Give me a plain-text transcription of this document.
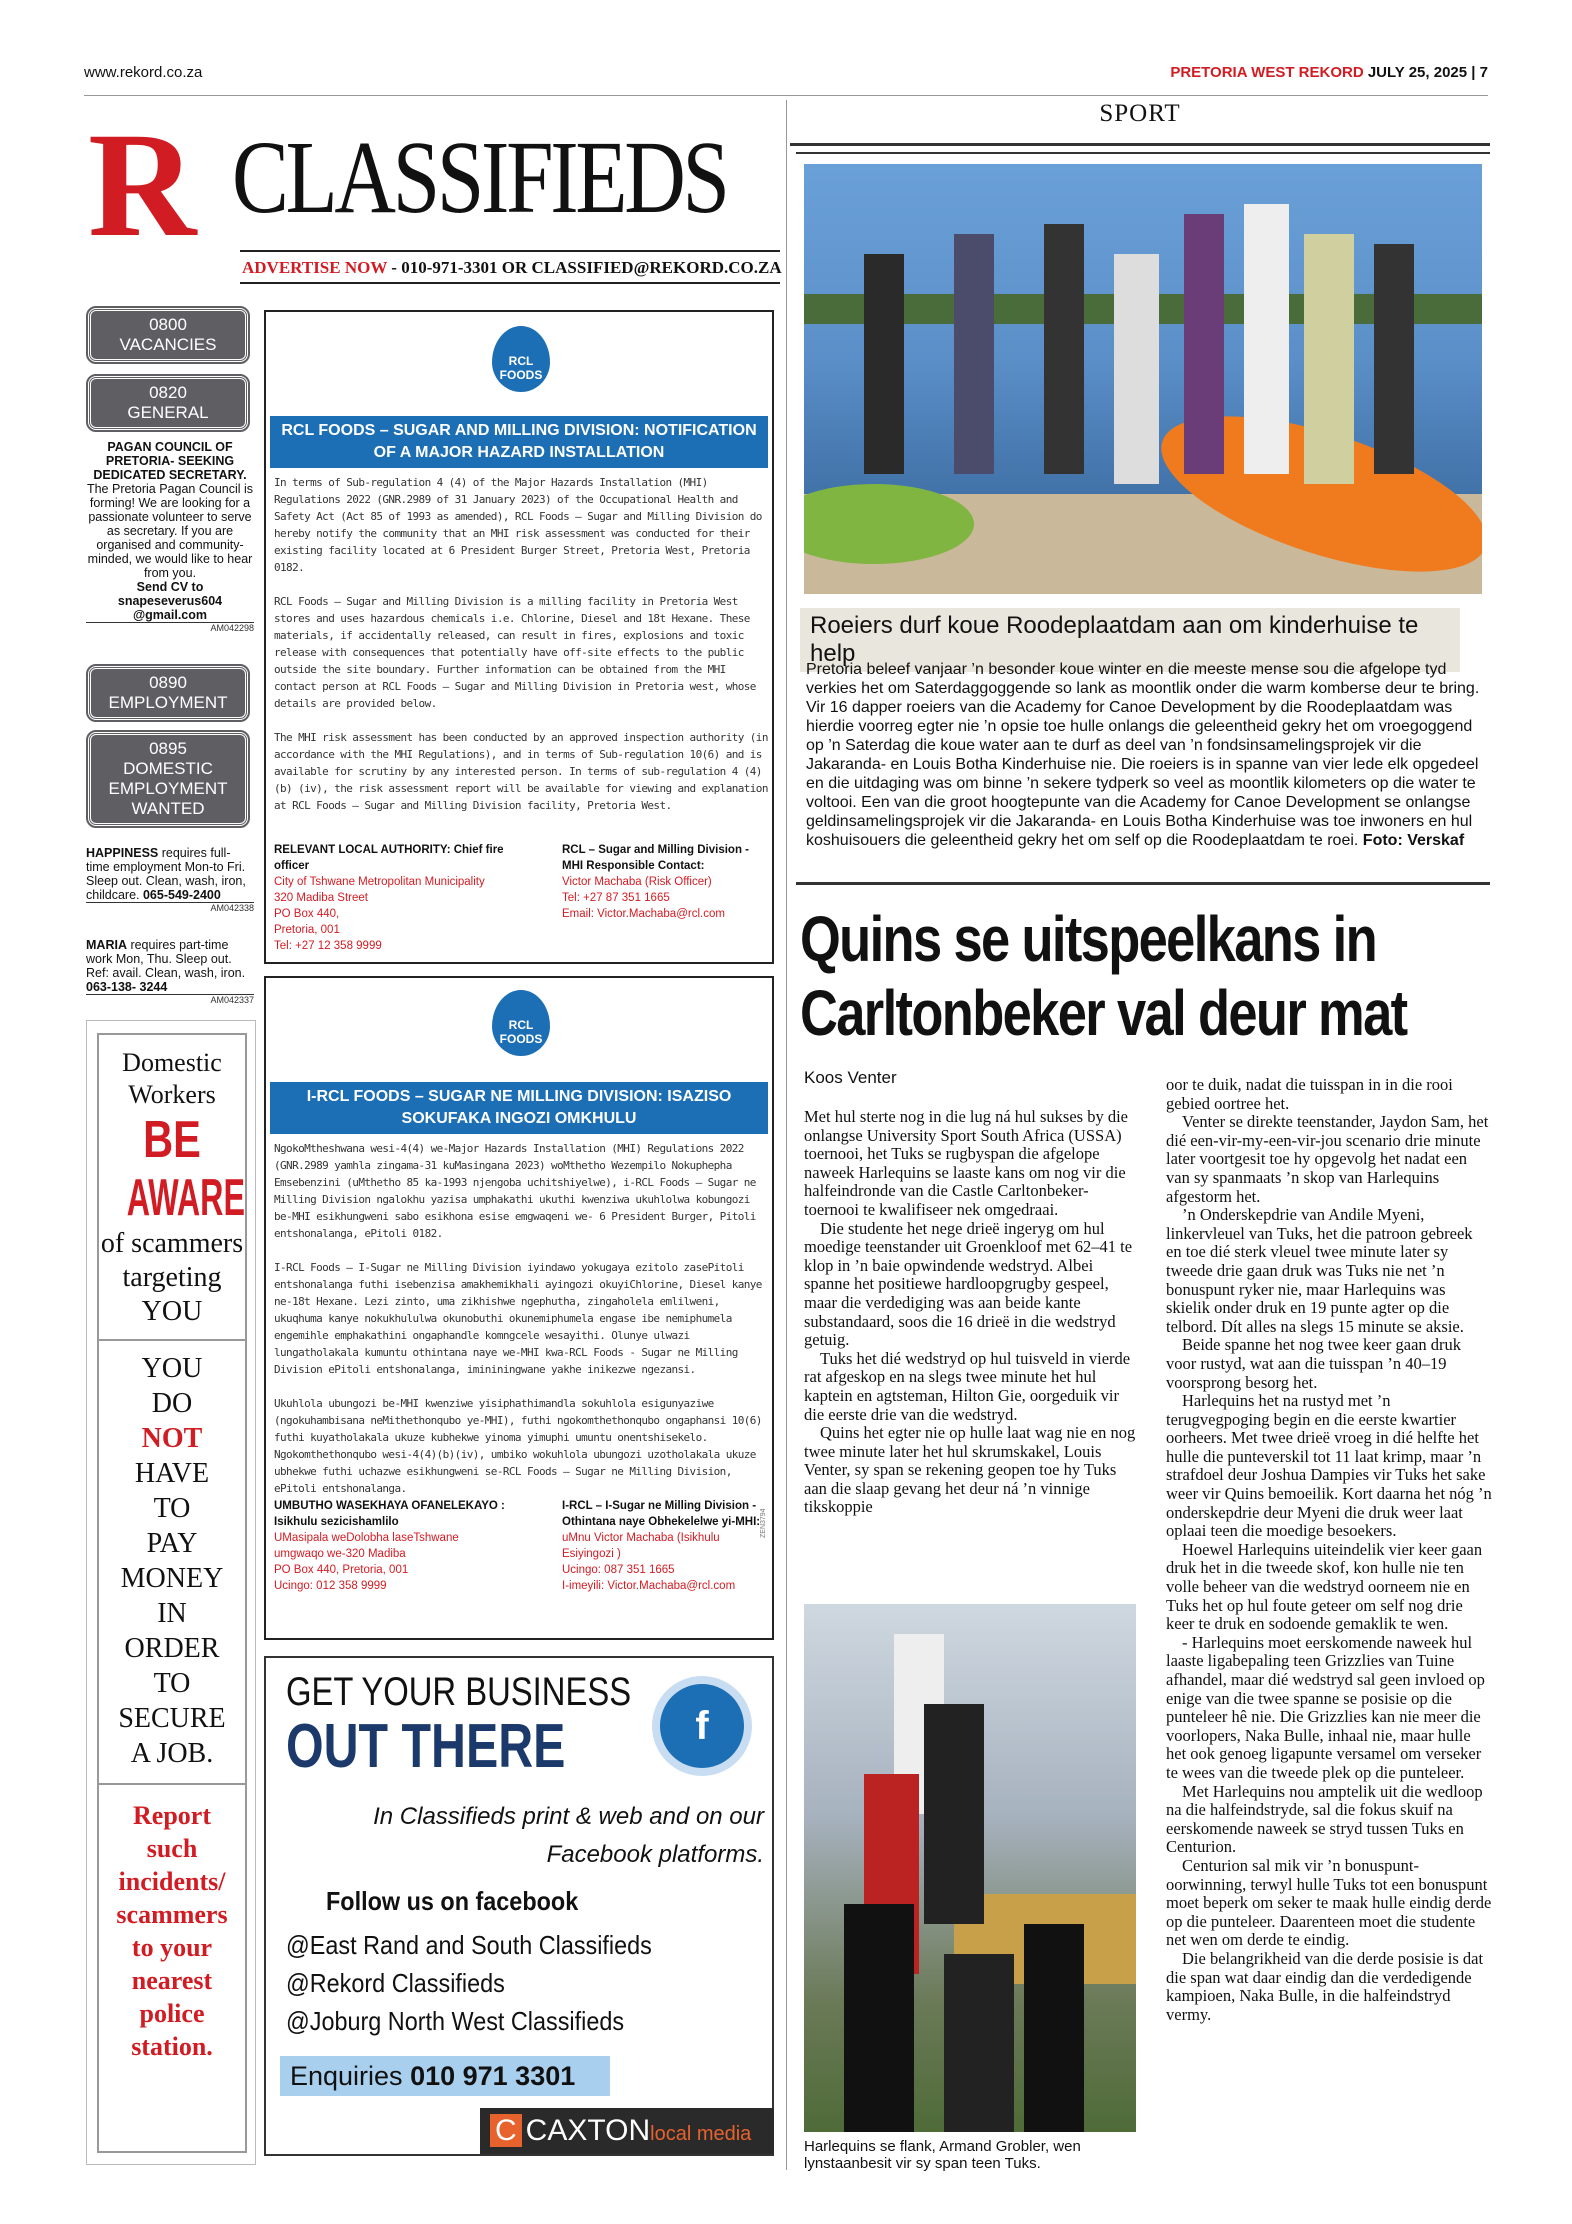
www.rekord.co.za	PRETORIA WEST REKORD JULY 25, 2025 | 7
R CLASSIFIEDS
ADVERTISE NOW - 010-971-3301 OR CLASSIFIED@REKORD.CO.ZA
0800
VACANCIES
0820
GENERAL
PAGAN COUNCIL OF PRETORIA- SEEKING DEDICATED SECRETARY.
The Pretoria Pagan Council is forming! We are looking for a passionate volunteer to serve as secretary. If you are organised and community- minded, we would like to hear from you.
Send CV to snapeseverus604 @gmail.com
AM042298
0890
EMPLOYMENT
0895
DOMESTIC EMPLOYMENT WANTED
HAPPINESS requires full-time employment Mon-to Fri. Sleep out. Clean, wash, iron, childcare. 065-549-2400
AM042338
MARIA requires part-time work Mon, Thu. Sleep out. Ref: avail. Clean, wash, iron. 063-138- 3244
AM042337
Domestic
Workers
BE
AWARE
of scammers
targeting
YOU
YOU
DO
NOT
HAVE
TO
PAY
MONEY
IN
ORDER
TO
SECURE
A JOB.
Report
such
incidents/
scammers
to your
nearest
police
station.
RCL FOODS
RCL FOODS – SUGAR AND MILLING DIVISION: NOTIFICATION OF A MAJOR HAZARD INSTALLATION

In terms of Sub-regulation 4 (4) of the Major Hazards Installation (MHI) Regulations 2022 (GNR.2989 of 31 January 2023) of the Occupational Health and Safety Act (Act 85 of 1993 as amended), RCL Foods – Sugar and Milling Division do hereby notify the community that an MHI risk assessment was conducted for their existing facility located at 6 President Burger Street, Pretoria West, Pretoria 0182.

RCL Foods – Sugar and Milling Division is a milling facility in Pretoria West stores and uses hazardous chemicals i.e. Chlorine, Diesel and 18t Hexane. These materials, if accidentally released, can result in fires, explosions and toxic release with consequences that potentially have off-site effects to the public outside the site boundary. Further information can be obtained from the MHI contact person at RCL Foods – Sugar and Milling Division in Pretoria west, whose details are provided below.

The MHI risk assessment has been conducted by an approved inspection authority (in accordance with the MHI Regulations), and in terms of Sub-regulation 10(6) and is available for scrutiny by any interested person. In terms of sub-regulation 4 (4) (b) (iv), the risk assessment report will be available for viewing and explanation at RCL Foods – Sugar and Milling Division facility, Pretoria West.

RELEVANT LOCAL AUTHORITY: Chief fire officer
City of Tshwane Metropolitan Municipality
320 Madiba Street
PO Box 440,
Pretoria, 001
Tel: +27 12 358 9999
RCL – Sugar and Milling Division - MHI Responsible Contact:
Victor Machaba (Risk Officer)
Tel: +27 87 351 1665
Email: Victor.Machaba@rcl.com
RCL FOODS
I-RCL FOODS – SUGAR NE MILLING DIVISION: ISAZISO SOKUFAKA INGOZI OMKHULU

NgokoMtheshwana wesi-4(4) we-Major Hazards Installation (MHI) Regulations 2022 (GNR.2989 yamhla zingama-31 kuMasingana 2023) woMthetho Wezempilo Nokuphepha Emsebenzini (uMthetho 85 ka-1993 njengoba uchitshiyelwe), i-RCL Foods – Sugar ne Milling Division ngalokhu yazisa umphakathi ukuthi kwenziwa ukuhlolwa kobungozi be-MHI esikhungweni sabo esikhona esise emgwaqeni we- 6 President Burger, Pitoli entshonalanga, ePitoli 0182.

I-RCL Foods – I-Sugar ne Milling Division iyindawo yokugaya ezitolo zasePitoli entshonalanga futhi isebenzisa amakhemikhali ayingozi okuyiChlorine, Diesel kanye ne-18t Hexane. Lezi zinto, uma zikhishwe ngephutha, zingaholela emlilweni, ukuqhuma kanye nokukhululwa okunobuthi okunemiphumela engase ibe nemiphumela engemihle emphakathini ongaphandle komngcele wesayithi. Olunye ulwazi lungatholakala kumuntu othintana naye we-MHI kwa-RCL Foods - Sugar ne Milling Division ePitoli entshonalanga, imininingwane yakhe inikezwe ngezansi.

Ukuhlola ubungozi be-MHI kwenziwe yisiphathimandla sokuhlola esigunyaziwe (ngokuhambisana neMithethonqubo ye-MHI), futhi ngokomthethonqubo ongaphansi 10(6) futhi kuyatholakala ukuze kubhekwe yinoma yimuphi umuntu onentshisekelo. Ngokomthethonqubo wesi-4(4)(b)(iv), umbiko wokuhlola ubungozi uzotholakala ukuze ubhekwe futhi uchazwe esikhungweni se-RCL Foods – Sugar ne Milling Division, ePitoli entshonalanga.

UMBUTHO WASEKHAYA OFANELEKAYO : Isikhulu sezicishamlilo
UMasipala weDolobha laseTshwane
umgwaqo we-320 Madiba
PO Box 440, Pretoria, 001
Ucingo: 012 358 9999
I-RCL – I-Sugar ne Milling Division - Othintana naye Obhekelelwe yi-MHI:
uMnu Victor Machaba (Isikhulu Esiyingozi )
Ucingo: 087 351 1665
I-imeyili: Victor.Machaba@rcl.com
ZEN3794
GET YOUR BUSINESS
OUT THERE	f
In Classifieds print & web and on our
Facebook platforms.
Follow us on facebook
@East Rand and South Classifieds
@Rekord Classifieds
@Joburg North West Classifieds
Enquiries 010 971 3301
C CAXTONlocal media
SPORT
Roeiers durf koue Roodeplaatdam aan om kinderhuise te help
Pretoria beleef vanjaar ’n besonder koue winter en die meeste mense sou die afgelope tyd verkies het om Saterdaggoggende so lank as moontlik onder die warm komberse deur te bring. Vir 16 dapper roeiers van die Academy for Canoe Development by die Roodeplaatdam was hierdie voorreg egter nie ’n opsie toe hulle onlangs die geleentheid gekry het om vroegoggend op ’n Saterdag die koue water aan te durf as deel van ’n fondsinsamelingsprojek vir die Jakaranda- en Louis Botha Kinderhuise nie. Die roeiers is in spanne van vier lede elk opgedeel en die uitdaging was om binne ’n sekere tydperk so veel as moontlik kilometers op die water te voltooi. Een van die groot hoogtepunte van die Academy for Canoe Development se onlangse geldinsamelingsprojek vir die Jakaranda- en Louis Botha Kinderhuise was toe inwoners en hul koshuisouers die geleentheid gekry het om self op die Roodeplaatdam te roei. Foto: Verskaf
Quins se uitspeelkans in
Carltonbeker val deur mat
Koos Venter

Met hul sterte nog in die lug ná hul sukses by die onlangse University Sport South Africa (USSA) toernooi, het Tuks se rugbyspan die afgelope naweek Harlequins se laaste kans om nog vir die halfeindronde van die Castle Carltonbeker-toernooi te kwalifiseer nek omgedraai.

Die studente het nege drieë ingeryg om hul moedige teenstander uit Groenkloof met 62–41 te klop in ’n baie opwindende wedstryd. Albei spanne het positiewe hardloopgrugby gespeel, maar die verdediging was aan beide kante substandaard, soos die 16 drieë in die wedstryd getuig.

Tuks het dié wedstryd op hul tuisveld in vierde rat afgeskop en na slegs twee minute het hul kaptein en agtsteman, Hilton Gie, oorgeduik vir die eerste drie van die wedstryd.

Quins het egter nie op hulle laat wag nie en nog twee minute later het hul skrumskakel, Louis Venter, sy span se rekening geopen toe hy Tuks aan die slaap gevang het deur ná ’n vinnige tikskoppie

Harlequins se flank, Armand Grobler, wen lynstaanbesit vir sy span teen Tuks.

oor te duik, nadat die tuisspan in in die rooi gebied oortree het.

Venter se direkte teenstander, Jaydon Sam, het dié een-vir-my-een-vir-jou scenario drie minute later voortgesit toe hy opgevolg het nadat een van sy spanmaats ’n skop van Harlequins afgestorm het.

’n Onderskepdrie van Andile Myeni, linkervleuel van Tuks, het die patroon gebreek en toe dié sterk vleuel twee minute later sy tweede drie gaan druk was Tuks nie net ’n bonuspunt ryker nie, maar Harlequins was skielik onder druk en 19 punte agter op die telbord. Dít alles na slegs 15 minute se aksie.

Beide spanne het nog twee keer gaan druk voor rustyd, wat aan die tuisspan ’n 40–19 voorsprong besorg het.

Harlequins het na rustyd met ’n terugvegpoging begin en die eerste kwartier oorheers. Met twee drieë vroeg in dié helfte het hulle die punteverskil tot 11 laat krimp, maar ’n strafdoel deur Joshua Dampies vir Tuks het sake weer vir Quins bemoeilik. Kort daarna het nóg ’n onderskepdrie deur Myeni die druk weer laat oplaai teen die moedige besoekers.

Hoewel Harlequins uiteindelik vier keer gaan druk het in die tweede skof, kon hulle nie ten volle beheer van die wedstryd oorneem nie en Tuks het op hul foute geteer om self nog drie keer te druk en sodoende gemaklik te wen.

- Harlequins moet eerskomende naweek hul laaste ligabepaling teen Grizzlies van Tuine afhandel, maar dié wedstryd sal geen invloed op enige van die twee spanne se posisie op die punteleer hê nie. Die Grizzlies kan nie meer die voorlopers, Naka Bulle, inhaal nie, maar hulle het ook genoeg ligapunte versamel om verseker te wees van die tweede plek op die punteleer.

Met Harlequins nou amptelik uit die wedloop na die halfeindstryde, sal die fokus skuif na eerskomende naweek se stryd tussen Tuks en Centurion.

Centurion sal mik vir ’n bonuspunt-oorwinning, terwyl hulle Tuks tot een bonuspunt moet beperk om seker te maak hulle eindig derde op die punteleer. Daarenteen moet die studente net wen om derde te eindig.

Die belangrikheid van die derde posisie is dat die span wat daar eindig dan die verdedigende kampioen, Naka Bulle, in die halfeindstryd vermy.
